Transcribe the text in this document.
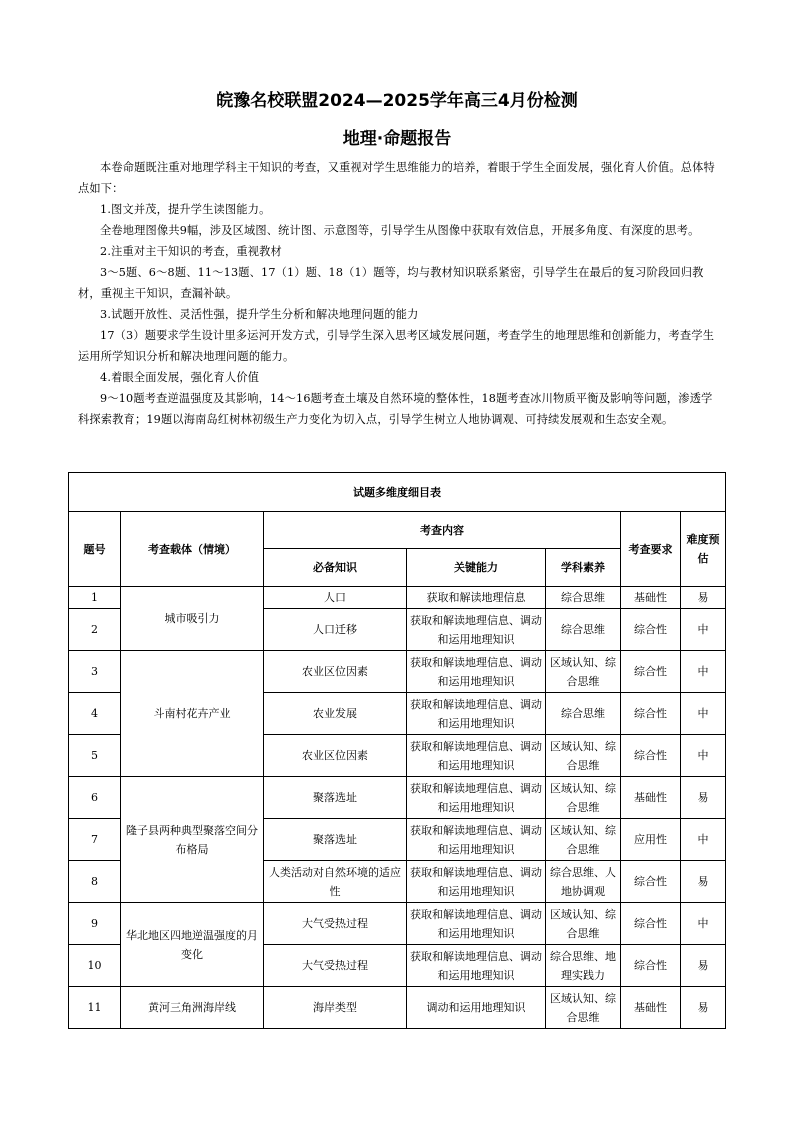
皖豫名校联盟2024—2025学年高三4月份检测
地理·命题报告
本卷命题既注重对地理学科主干知识的考查，又重视对学生思维能力的培养，着眼于学生全面发展，强化育人价值。总体特点如下：
1.图文并茂，提升学生读图能力。
全卷地理图像共9幅，涉及区域图、统计图、示意图等，引导学生从图像中获取有效信息，开展多角度、有深度的思考。
2.注重对主干知识的考查，重视教材
3～5题、6～8题、11～13题、17（1）题、18（1）题等，均与教材知识联系紧密，引导学生在最后的复习阶段回归教材，重视主干知识，查漏补缺。
3.试题开放性、灵活性强，提升学生分析和解决地理问题的能力
17（3）题要求学生设计里多运河开发方式，引导学生深入思考区域发展问题，考查学生的地理思维和创新能力，考查学生运用所学知识分析和解决地理问题的能力。
4.着眼全面发展，强化育人价值
9～10题考查逆温强度及其影响，14～16题考查土壤及自然环境的整体性，18题考查冰川物质平衡及影响等问题，渗透学科探索教育；19题以海南岛红树林初级生产力变化为切入点，引导学生树立人地协调观、可持续发展观和生态安全观。
试题多维度细目表						
题号	考查载体（情境）	考查内容			考查要求	难度预估
		必备知识	关键能力	学科素养		
1	城市吸引力	人口	获取和解读地理信息	综合思维	基础性	易
2		人口迁移	获取和解读地理信息、调动和运用地理知识	综合思维	综合性	中
3	斗南村花卉产业	农业区位因素	获取和解读地理信息、调动和运用地理知识	区域认知、综合思维	综合性	中
4		农业发展	获取和解读地理信息、调动和运用地理知识	综合思维	综合性	中
5		农业区位因素	获取和解读地理信息、调动和运用地理知识	区域认知、综合思维	综合性	中
6	隆子县两种典型聚落空间分布格局	聚落选址	获取和解读地理信息、调动和运用地理知识	区域认知、综合思维	基础性	易
7		聚落选址	获取和解读地理信息、调动和运用地理知识	区域认知、综合思维	应用性	中
8		人类活动对自然环境的适应性	获取和解读地理信息、调动和运用地理知识	综合思维、人地协调观	综合性	易
9	华北地区四地逆温强度的月变化	大气受热过程	获取和解读地理信息、调动和运用地理知识	区域认知、综合思维	综合性	中
10		大气受热过程	获取和解读地理信息、调动和运用地理知识	综合思维、地理实践力	综合性	易
11	黄河三角洲海岸线	海岸类型	调动和运用地理知识	区域认知、综合思维	基础性	易
